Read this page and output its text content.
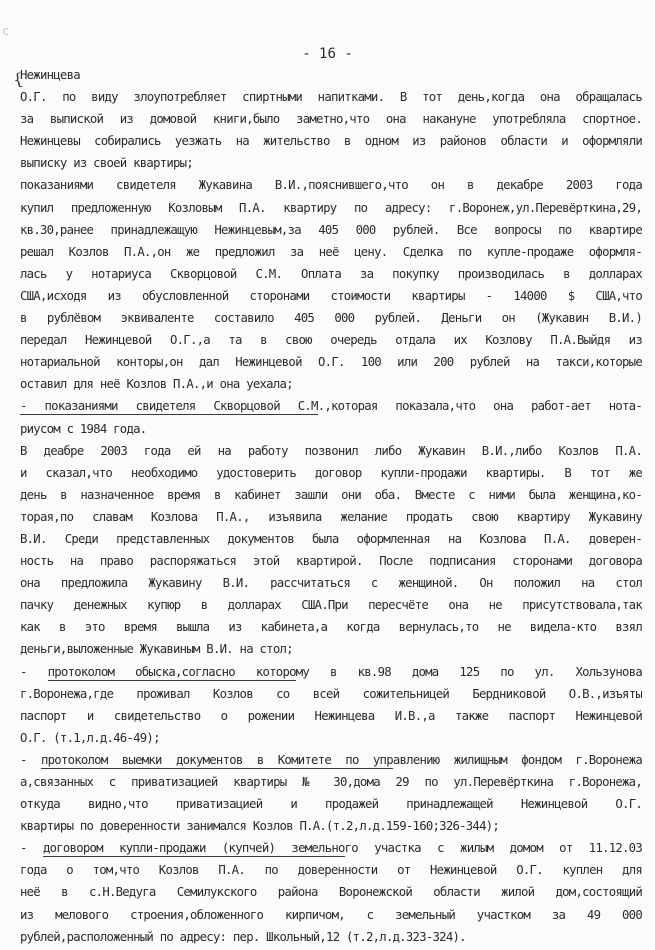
c
- 16 -
{
Нежинцева
О.Г. по виду злоупотребляет спиртными напитками. В тот день,когда она обращалась
за выпиской из домовой книги,было заметно,что она накануне употребляла спортное.
Нежинцевы собирались уезжать на жительство в одном из районов области и оформляли
выписку из своей квартиры;
показаниями свидетеля Жукавина В.И.,пояснившего,что он в декабре 2003 года
купил предложенную Козловым П.А. квартиру по адресу: г.Воронеж,ул.Перевёрткина,29,
кв.30,ранее принадлежащую Нежинцевым,за 405 000 рублей. Все вопросы по квартире
решал Козлов П.А.,он же предложил за неё цену. Сделка по купле-продаже оформля-
лась у нотариуса Скворцовой С.М. Оплата за покупку производилась в долларах
США,исходя из обусловленной сторонами стоимости квартиры - 14000 $ США,что
в рублёвом эквиваленте составило 405 000 рублей. Деньги он (Жукавин В.И.)
передал Нежинцевой О.Г.,а та в свою очередь отдала их Козлову П.А.Выйдя из
нотариальной конторы,он дал Нежинцевой О.Г. 100 или 200 рублей на такси,которые
оставил для неё Козлов П.А.,и она уехала;
- показаниями свидетеля Скворцовой С.М.,которая показала,что она работ-ает нота-
риусом с 1984 года.
В деабре 2003 года ей на работу позвонил либо Жукавин В.И.,либо Козлов П.А.
и сказал,что необходимо удостоверить договор купли-продажи квартиры. В тот же
день в назначенное время в кабинет зашли они оба. Вместе с ними была женщина,ко-
торая,по славам Козлова П.А., изъявила желание продать свою квартиру Жукавину
В.И. Среди представленных документов была оформленная на Козлова П.А. доверен-
ность на право распоряжаться этой квартирой. После подписания сторонами договора
она предложила Жукавину В.И. рассчитаться с женщиной. Он положил на стол
пачку денежных купюр в долларах США.При пересчёте она не присутствовала,так
как в это время вышла из кабинета,а когда вернулась,то не видела-кто взял
деньги,выложенные Жукавиным В.И. на стол;
- протоколом обыска,согласно которому в кв.98 дома 125 по ул. Хользунова
г.Воронежа,где проживал Козлов со всей сожительницей Бердниковой О.В.,изъяты
паспорт и свидетельство о рожении Нежинцева И.В.,а также паспорт Нежинцевой
О.Г. (т.1,л.д.46-49);
- протоколом выемки документов в Комитете по управлению жилищным фондом г.Воронежа
а,связанных с приватизацией квартиры № 30,дома 29 по ул.Перевёрткина г.Воронежа,
откуда видно,что приватизацией и продажей принадлежащей Нежинцевой О.Г.
квартиры по доверенности занимался Козлов П.А.(т.2,л.д.159-160;326-344);
- договором купли-продажи (купчей) земельного участка с жилым домом от 11.12.03
года о том,что Козлов П.А. по доверенности от Нежинцевой О.Г. куплен для
неё в с.Н.Ведуга Семилукского района Воронежской области жилой дом,состоящий
из мелового строения,обложенного кирпичом, с земельный участком за 49 000
рублей,расположенный по адресу: пер. Школьный,12 (т.2,л.д.323-324).
